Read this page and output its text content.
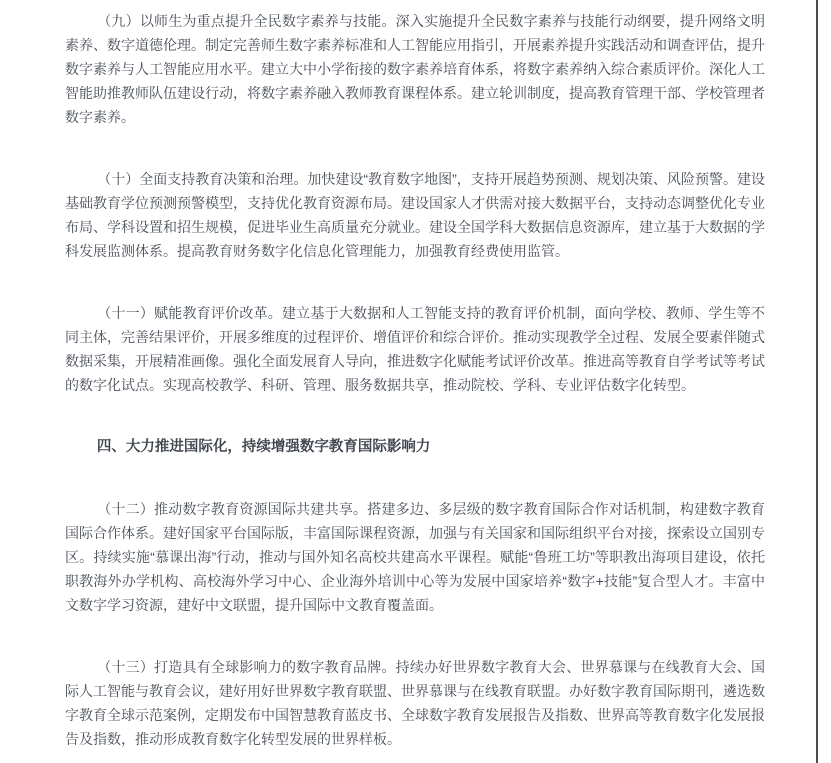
（九）以师生为重点提升全民数字素养与技能。深入实施提升全民数字素养与技能行动纲要，提升网络文明素养、数字道德伦理。制定完善师生数字素养标准和人工智能应用指引，开展素养提升实践活动和调查评估，提升数字素养与人工智能应用水平。建立大中小学衔接的数字素养培育体系，将数字素养纳入综合素质评价。深化人工智能助推教师队伍建设行动，将数字素养融入教师教育课程体系。建立轮训制度，提高教育管理干部、学校管理者数字素养。

（十）全面支持教育决策和治理。加快建设“教育数字地图”，支持开展趋势预测、规划决策、风险预警。建设基础教育学位预测预警模型，支持优化教育资源布局。建设国家人才供需对接大数据平台，支持动态调整优化专业布局、学科设置和招生规模，促进毕业生高质量充分就业。建设全国学科大数据信息资源库，建立基于大数据的学科发展监测体系。提高教育财务数字化信息化管理能力，加强教育经费使用监管。

（十一）赋能教育评价改革。建立基于大数据和人工智能支持的教育评价机制，面向学校、教师、学生等不同主体，完善结果评价，开展多维度的过程评价、增值评价和综合评价。推动实现教学全过程、发展全要素伴随式数据采集，开展精准画像。强化全面发展育人导向，推进数字化赋能考试评价改革。推进高等教育自学考试等考试的数字化试点。实现高校教学、科研、管理、服务数据共享，推动院校、学科、专业评估数字化转型。

四、大力推进国际化，持续增强数字教育国际影响力

（十二）推动数字教育资源国际共建共享。搭建多边、多层级的数字教育国际合作对话机制，构建数字教育国际合作体系。建好国家平台国际版，丰富国际课程资源，加强与有关国家和国际组织平台对接，探索设立国别专区。持续实施“慕课出海”行动，推动与国外知名高校共建高水平课程。赋能“鲁班工坊”等职教出海项目建设，依托职教海外办学机构、高校海外学习中心、企业海外培训中心等为发展中国家培养“数字+技能”复合型人才。丰富中文数字学习资源，建好中文联盟，提升国际中文教育覆盖面。

（十三）打造具有全球影响力的数字教育品牌。持续办好世界数字教育大会、世界慕课与在线教育大会、国际人工智能与教育会议，建好用好世界数字教育联盟、世界慕课与在线教育联盟。办好数字教育国际期刊，遴选数字教育全球示范案例，定期发布中国智慧教育蓝皮书、全球数字教育发展报告及指数、世界高等教育数字化发展报告及指数，推动形成教育数字化转型发展的世界样板。
